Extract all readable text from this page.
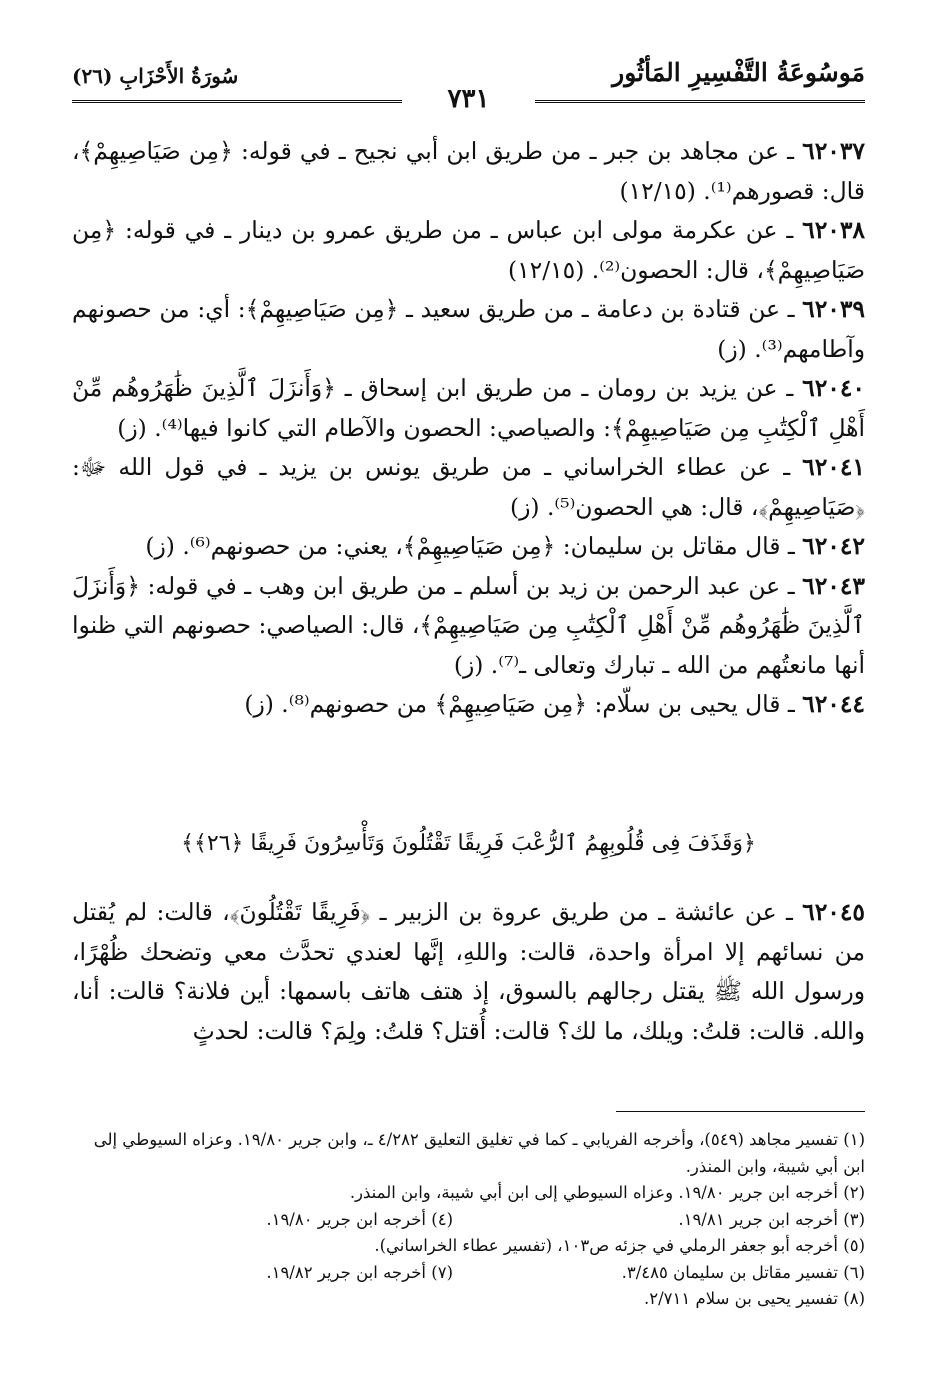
مَوسُوعَةُ التَّفْسِيرِ المَأثُور
سُورَةُ الأَحْزَابِ (٢٦)
۷۳۱

٦٢٠٣٧ ـ عن مجاهد بن جبر ـ من طريق ابن أبي نجيح ـ في قوله: ﴿مِن صَيَاصِيهِمْ﴾، قال: قصورهم⁽¹⁾. (١٢/١٥)

٦٢٠٣٨ ـ عن عكرمة مولى ابن عباس ـ من طريق عمرو بن دينار ـ في قوله: ﴿مِن صَيَاصِيهِمْ﴾، قال: الحصون⁽²⁾. (١٢/١٥)

٦٢٠٣٩ ـ عن قتادة بن دعامة ـ من طريق سعيد ـ ﴿مِن صَيَاصِيهِمْ﴾: أي: من حصونهم وآطامهم⁽³⁾. (ز)

٦٢٠٤٠ ـ عن يزيد بن رومان ـ من طريق ابن إسحاق ـ ﴿وَأَنزَلَ ٱلَّذِينَ ظَٰهَرُوهُم مِّنْ أَهْلِ ٱلْكِتَٰبِ مِن صَيَاصِيهِمْ﴾: والصياصي: الحصون والآطام التي كانوا فيها⁽⁴⁾. (ز)

٦٢٠٤١ ـ عن عطاء الخراساني ـ من طريق يونس بن يزيد ـ في قول الله ﷻ: ﴿صَيَاصِيهِمْ﴾، قال: هي الحصون⁽⁵⁾. (ز)

٦٢٠٤٢ ـ قال مقاتل بن سليمان: ﴿مِن صَيَاصِيهِمْ﴾، يعني: من حصونهم⁽⁶⁾. (ز)

٦٢٠٤٣ ـ عن عبد الرحمن بن زيد بن أسلم ـ من طريق ابن وهب ـ في قوله: ﴿وَأَنزَلَ ٱلَّذِينَ ظَٰهَرُوهُم مِّنْ أَهْلِ ٱلْكِتَٰبِ مِن صَيَاصِيهِمْ﴾، قال: الصياصي: حصونهم التي ظنوا أنها مانعتُهم من الله ـ تبارك وتعالى ـ⁽⁷⁾. (ز)

٦٢٠٤٤ ـ قال يحيى بن سلّام: ﴿مِن صَيَاصِيهِمْ﴾ من حصونهم⁽⁸⁾. (ز)

﴿وَقَذَفَ فِى قُلُوبِهِمُ ٱلرُّعْبَ فَرِيقًا تَقْتُلُونَ وَتَأْسِرُونَ فَرِيقًا ﴿٢٦﴾﴾
٦٢٠٤٥ ـ عن عائشة ـ من طريق عروة بن الزبير ـ ﴿فَرِيقًا تَقْتُلُونَ﴾، قالت: لم يُقتل من نسائهم إلا امرأة واحدة، قالت: واللهِ، إنَّها لعندي تحدَّث معي وتضحك ظُهْرًا، ورسول الله ﷺ يقتل رجالهم بالسوق، إذ هتف هاتف باسمها: أين فلانة؟ قالت: أنا، والله. قالت: قلتُ: ويلك، ما لك؟ قالت: أُقتل؟ قلتُ: ولِمَ؟ قالت: لحدثٍ

(١) تفسير مجاهد (٥٤٩)، وأخرجه الفريابي ـ كما في تغليق التعليق ٤/٢٨٢ ـ، وابن جرير ١٩/٨٠. وعزاه السيوطي إلى ابن أبي شيبة، وابن المنذر.

(٢) أخرجه ابن جرير ١٩/٨٠. وعزاه السيوطي إلى ابن أبي شيبة، وابن المنذر.

(٣) أخرجه ابن جرير ١٩/٨١.
(٤) أخرجه ابن جرير ١٩/٨٠.

(٥) أخرجه أبو جعفر الرملي في جزئه ص١٠٣، (تفسير عطاء الخراساني).

(٦) تفسير مقاتل بن سليمان ٣/٤٨٥.
(٧) أخرجه ابن جرير ١٩/٨٢.

(٨) تفسير يحيى بن سلام ٢/٧١١.
